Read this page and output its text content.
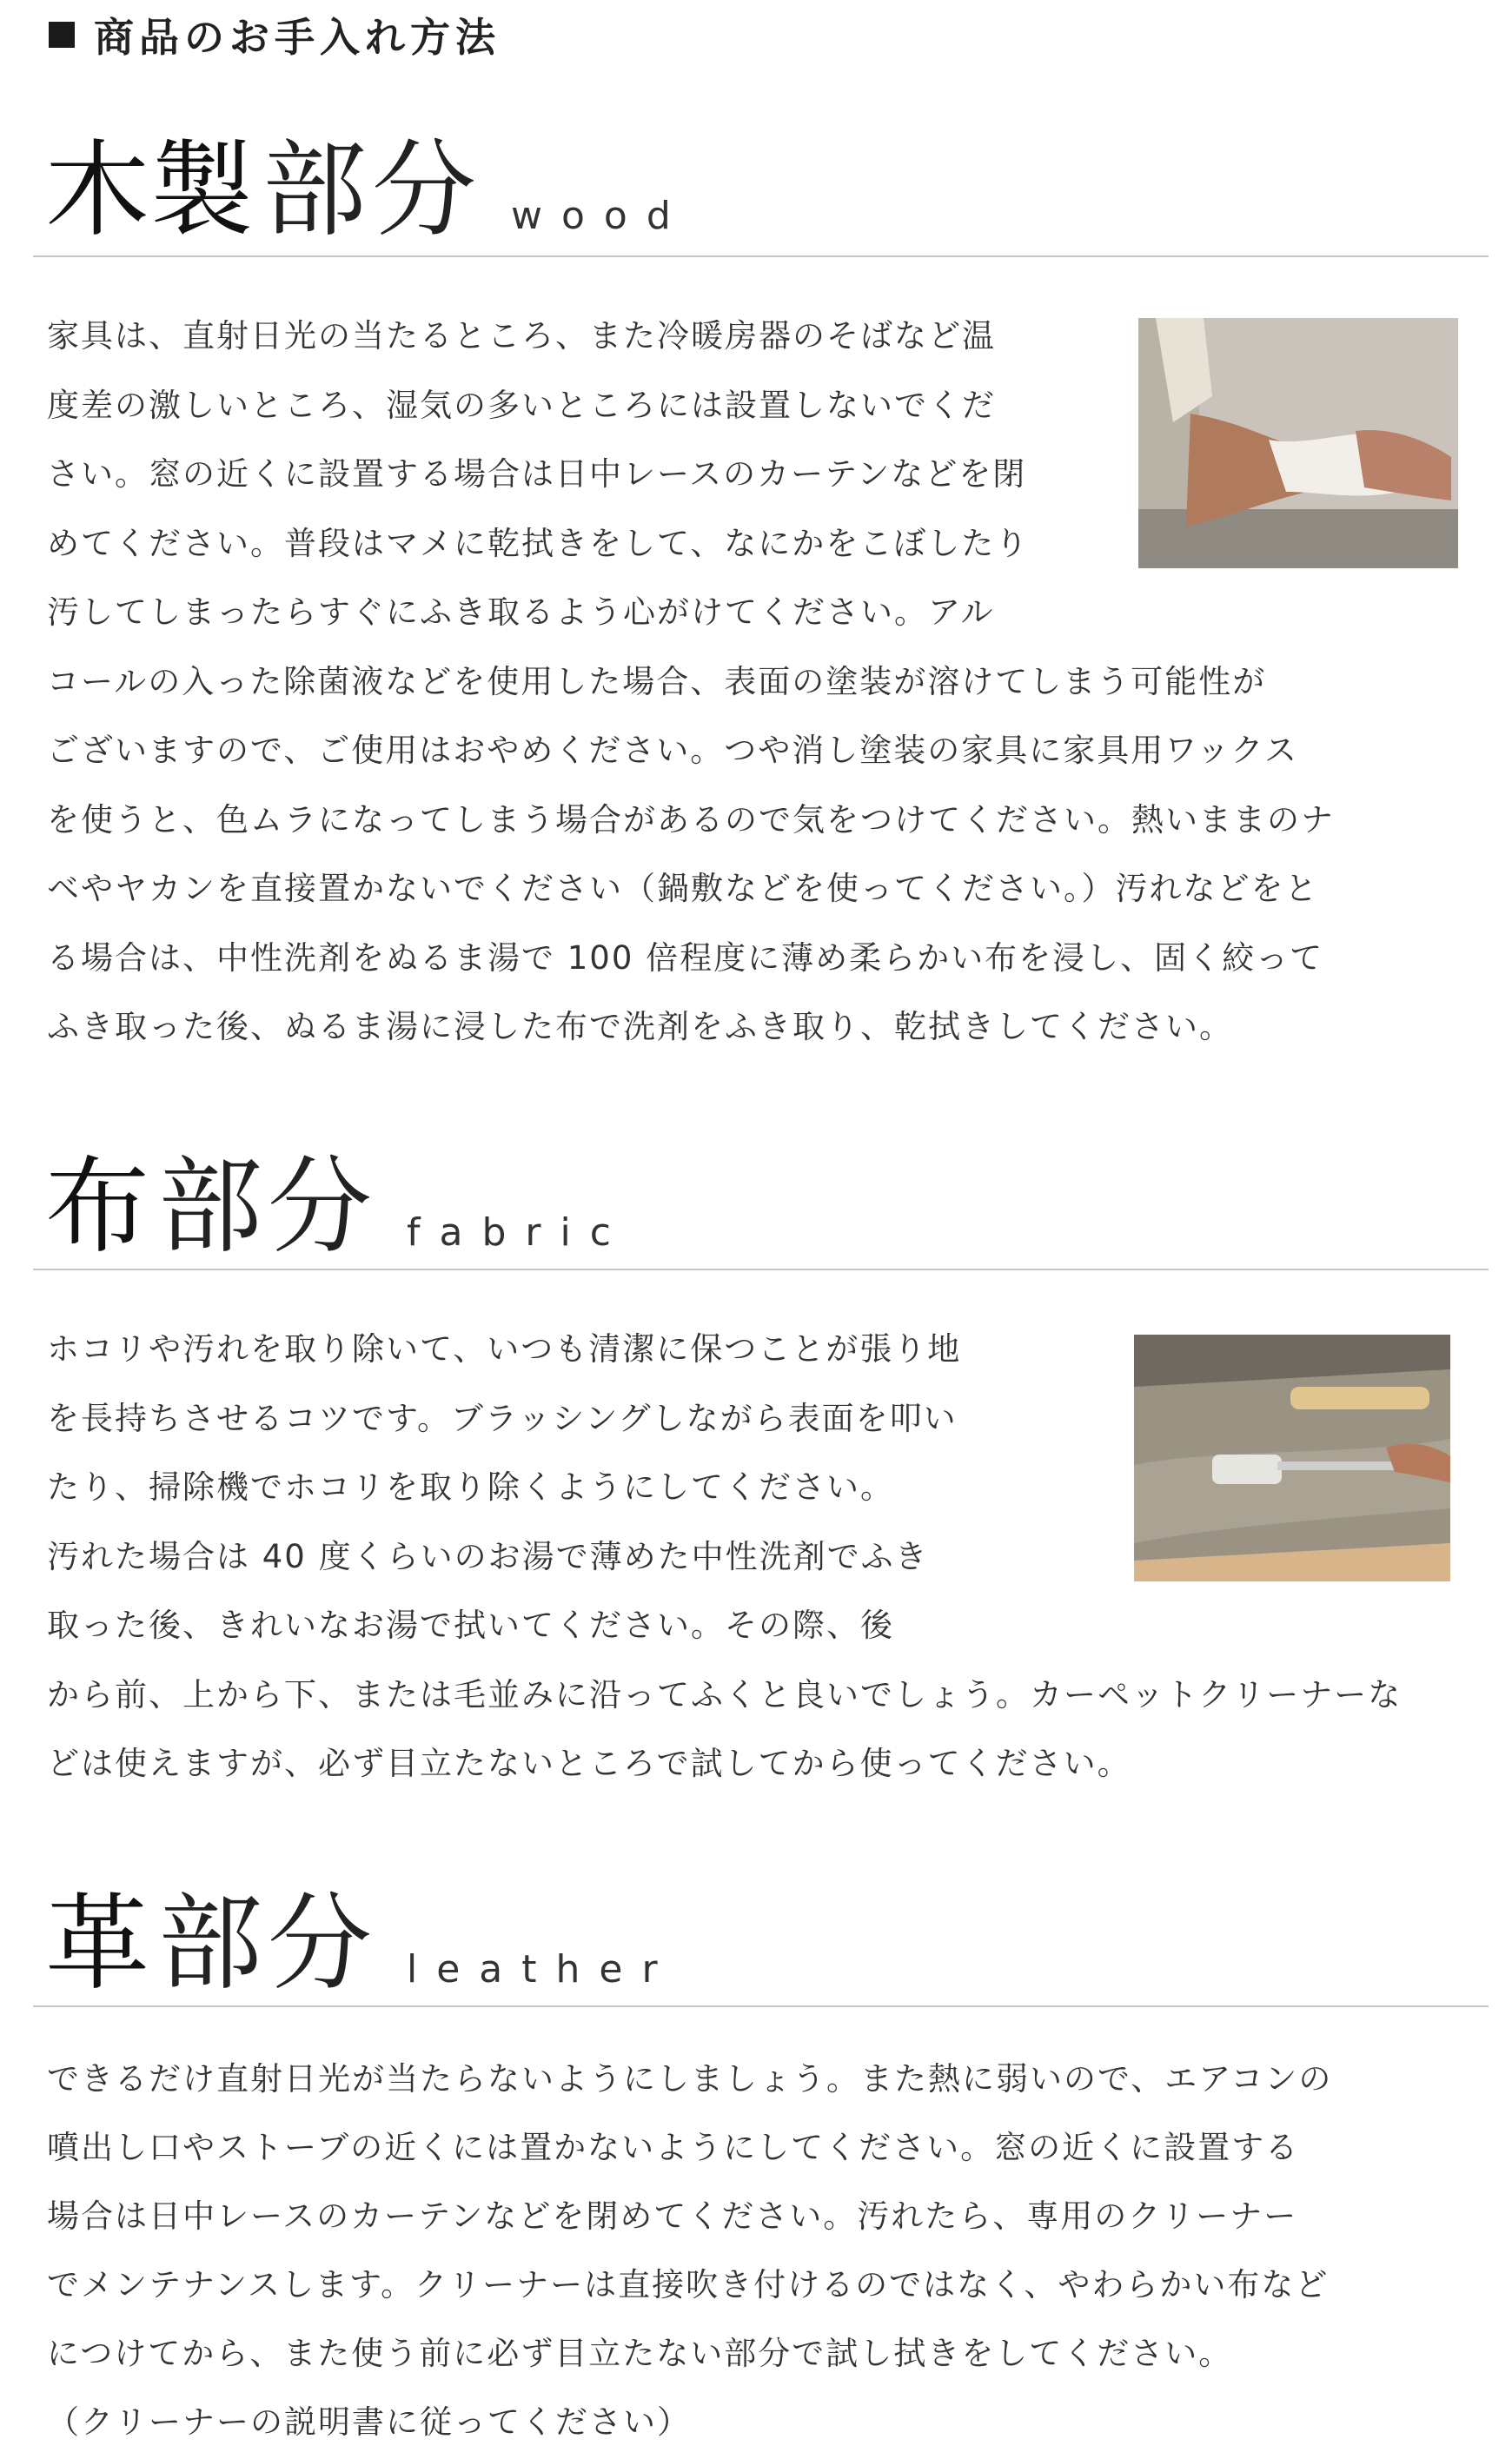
商品のお手入れ方法
木製 部分 wood

家具は、直射日光の当たるところ、また冷暖房器のそばなど温
度差の激しいところ、湿気の多いところには設置しないでくだ
さい。窓の近くに設置する場合は日中レースのカーテンなどを閉
めてください。普段はマメに乾拭きをして、なにかをこぼしたり
汚してしまったらすぐにふき取るよう心がけてください。アル
コールの入った除菌液などを使用した場合、表面の塗装が溶けてしまう可能性が
ございますので、ご使用はおやめください。つや消し塗装の家具に家具用ワックス
を使うと、色ムラになってしまう場合があるので気をつけてください。熱いままのナ
ベやヤカンを直接置かないでください（鍋敷などを使ってください。）汚れなどをと
る場合は、中性洗剤をぬるま湯で 100 倍程度に薄め柔らかい布を浸し、固く絞って
ふき取った後、ぬるま湯に浸した布で洗剤をふき取り、乾拭きしてください。

布 部分 fabric

ホコリや汚れを取り除いて、いつも清潔に保つことが張り地
を長持ちさせるコツです。ブラッシングしながら表面を叩い
たり、掃除機でホコリを取り除くようにしてください。
汚れた場合は 40 度くらいのお湯で薄めた中性洗剤でふき
取った後、きれいなお湯で拭いてください。その際、後
から前、上から下、または毛並みに沿ってふくと良いでしょう。カーペットクリーナーな
どは使えますが、必ず目立たないところで試してから使ってください。

革 部分 leather

できるだけ直射日光が当たらないようにしましょう。また熱に弱いので、エアコンの
噴出し口やストーブの近くには置かないようにしてください。窓の近くに設置する
場合は日中レースのカーテンなどを閉めてください。汚れたら、専用のクリーナー
でメンテナンスします。クリーナーは直接吹き付けるのではなく、やわらかい布など
につけてから、また使う前に必ず目立たない部分で試し拭きをしてください。
（クリーナーの説明書に従ってください）
